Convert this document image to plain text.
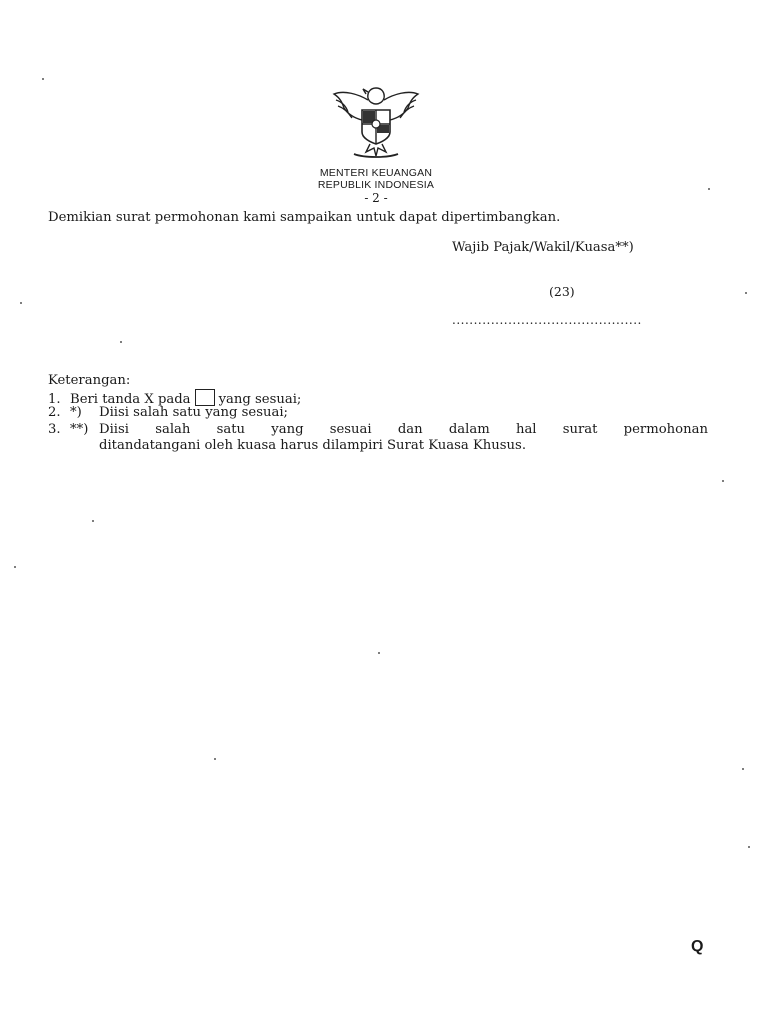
MENTERI KEUANGAN
REPUBLIK INDONESIA
- 2 -
Demikian surat permohonan kami sampaikan untuk dapat dipertimbangkan.
Wajib Pajak/Wakil/Kuasa**)
(23)
............................................
Keterangan:
1. Beri tanda X pada yang sesuai;
2. *) Diisi salah satu yang sesuai;
3. **) Diisi salah satu yang sesuai dan dalam hal surat permohonan
ditandatangani oleh kuasa harus dilampiri Surat Kuasa Khusus.
Q
